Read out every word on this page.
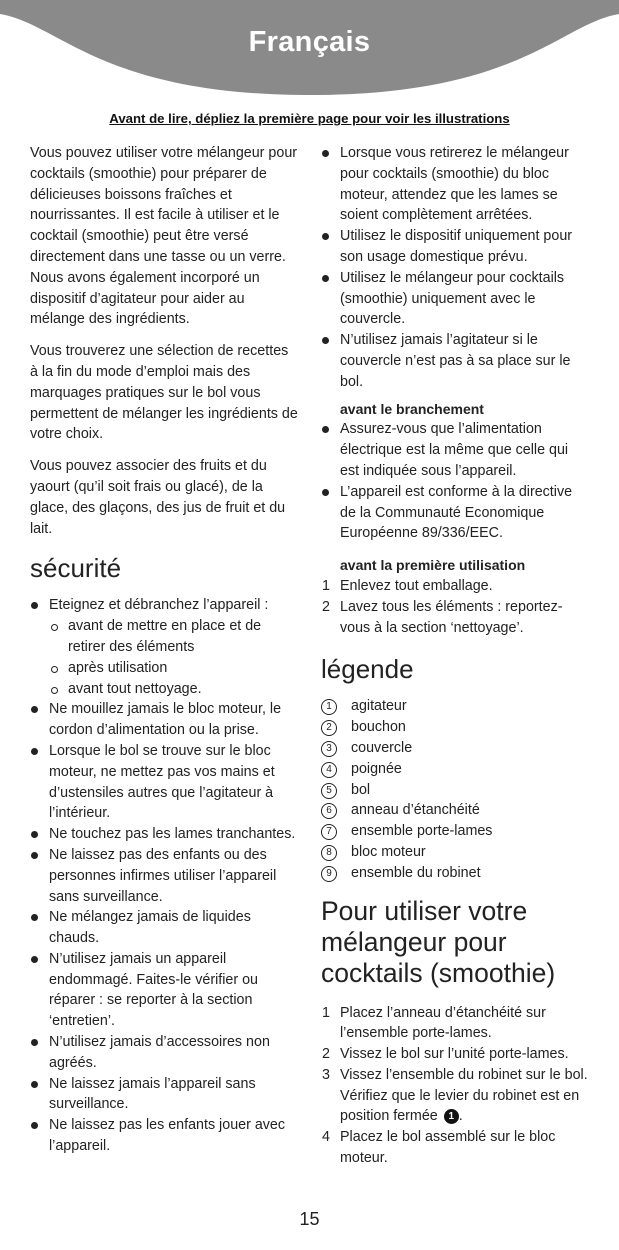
Français
Avant de lire, dépliez la première page pour voir les illustrations

Vous pouvez utiliser votre mélangeur pour cocktails (smoothie) pour préparer de délicieuses boissons fraîches et nourrissantes. Il est facile à utiliser et le cocktail (smoothie) peut être versé directement dans une tasse ou un verre. Nous avons également incorporé un dispositif d’agitateur pour aider au mélange des ingrédients.

Vous trouverez une sélection de recettes à la fin du mode d’emploi mais des marquages pratiques sur le bol vous permettent de mélanger les ingrédients de votre choix.

Vous pouvez associer des fruits et du yaourt (qu’il soit frais ou glacé), de la glace, des glaçons, des jus de fruit et du lait.

sécurité
Eteignez et débranchez l’appareil :
avant de mettre en place et de retirer des éléments
après utilisation
avant tout nettoyage.
Ne mouillez jamais le bloc moteur, le cordon d’alimentation ou la prise.
Lorsque le bol se trouve sur le bloc moteur, ne mettez pas vos mains et d’ustensiles autres que l’agitateur à l’intérieur.
Ne touchez pas les lames tranchantes.
Ne laissez pas des enfants ou des personnes infirmes utiliser l’appareil sans surveillance.
Ne mélangez jamais de liquides chauds.
N’utilisez jamais un appareil endommagé. Faites-le vérifier ou réparer : se reporter à la section ‘entretien’.
N’utilisez jamais d’accessoires non agréés.
Ne laissez jamais l’appareil sans surveillance.
Ne laissez pas les enfants jouer avec l’appareil.
Lorsque vous retirerez le mélangeur pour cocktails (smoothie) du bloc moteur, attendez que les lames se soient complètement arrêtées.
Utilisez le dispositif uniquement pour son usage domestique prévu.
Utilisez le mélangeur pour cocktails (smoothie) uniquement avec le couvercle.
N’utilisez jamais l’agitateur si le couvercle n’est pas à sa place sur le bol.
avant le branchement
Assurez-vous que l’alimentation électrique est la même que celle qui est indiquée sous l’appareil.
L’appareil est conforme à la directive de la Communauté Economique Européenne 89/336/EEC.
avant la première utilisation
1 Enlevez tout emballage.
2 Lavez tous les éléments : reportez-vous à la section ‘nettoyage’.
légende
1	agitateur
2	bouchon
3	couvercle
4	poignée
5	bol
6	anneau d’étanchéité
7	ensemble porte-lames
8	bloc moteur
9	ensemble du robinet
Pour utiliser votre mélangeur pour cocktails (smoothie)
1 Placez l’anneau d’étanchéité sur l’ensemble porte-lames.
2 Vissez le bol sur l’unité porte-lames.
3 Vissez l’ensemble du robinet sur le bol. Vérifiez que le levier du robinet est en position fermée 1 .
4 Placez le bol assemblé sur le bloc moteur.
15
